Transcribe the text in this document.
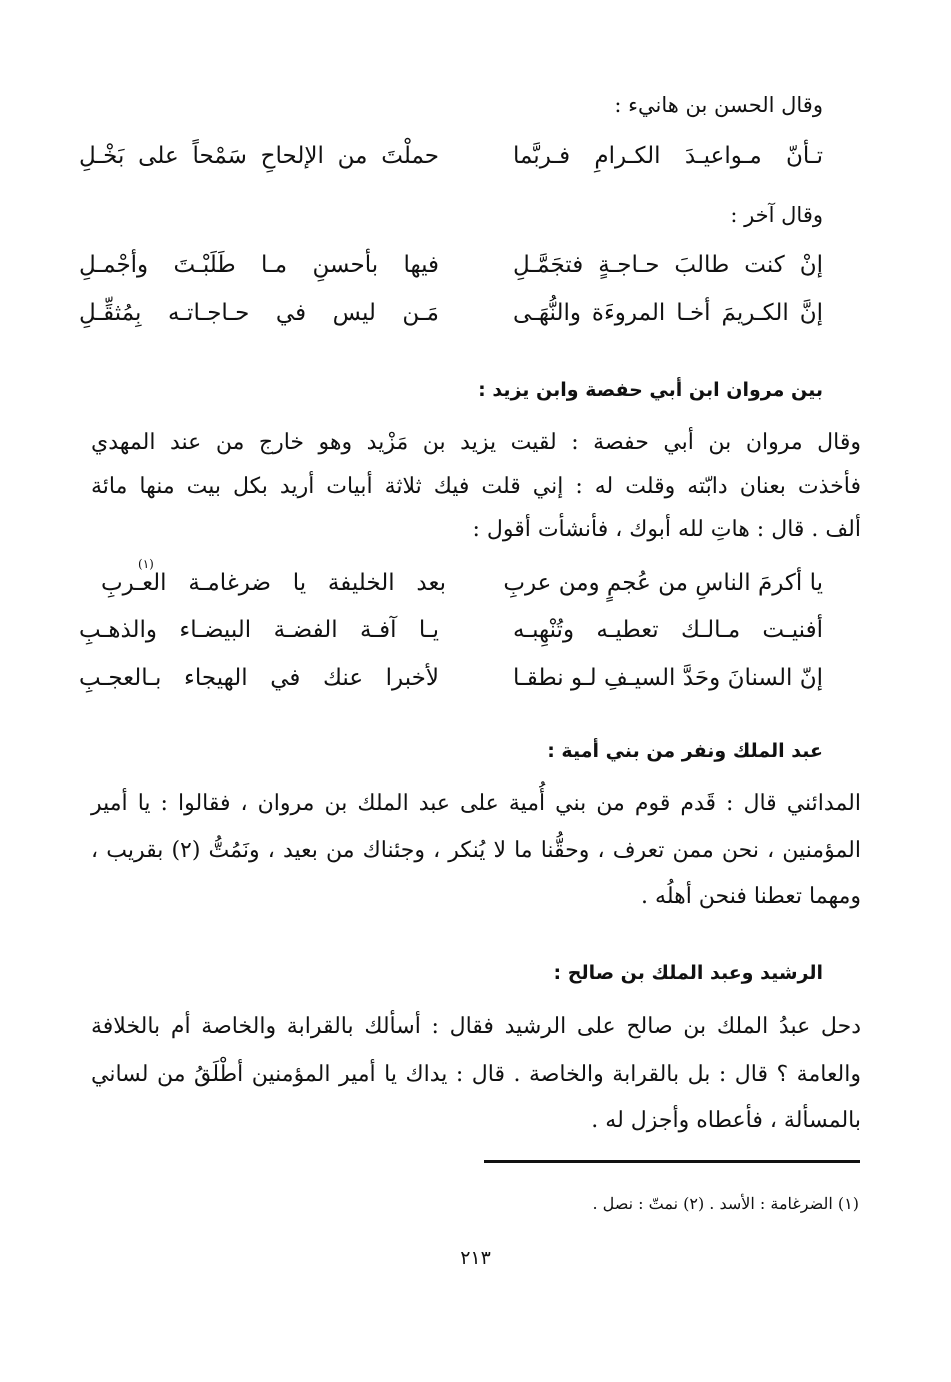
وقال الحسن بن هانيء :
تـأنّ مـواعيـدَ الكـرامِ فـربَّما
حملْتَ من الإلحاحِ سَمْحاً على بَخْـلِ
وقال آخر :
إنْ كنت طالبَ حـاجـةٍ فتجَمَّـلِ
فيها بأحسنِ مـا طَلَبْـتَ وأجْمـلِ
إنَّ الكـريمَ أخـا المروءَة والنُّهَـى
مَـن ليس في حـاجـاتـه بِمُثقِّـلِ
بين مروان ابن أبي حفصة وابن يزيد :
وقال مروان بن أبي حفصة : لقيت يزيد بن مَزْيد وهو خارج من عند المهدي
فأخذت بعنان دابّته وقلت له : إني قلت فيك ثلاثة أبيات أريد بكل بيت منها مائة
ألف . قال : هاتِ لله أبوك ، فأنشأت أقول :
يا أكرمَ الناسِ من عُجمٍ ومن عربِ
بعد الخليفة يا ضرغامـة العـربِ
(١)
أفنيـت مـالـك تعطيـه وتُنْهِبـه
يـا آفـة الفضـة البيضـاء والذهـبِ
إنّ السنانَ وحَدَّ السيـفِ لـو نطقـا
لأخبرا عنك في الهيجاء بـالعجـبِ
عبد الملك ونفر من بني أمية :
المدائني قال : قَدم قوم من بني أُمية على عبد الملك بن مروان ، فقالوا : يا أمير
المؤمنين ، نحن ممن تعرف ، وحقُّنا ما لا يُنكر ، وجئناك من بعيد ، ونَمُتُّ (٢) بقريب ،
ومهما تعطنا فنحن أهلُه .
الرشيد وعبد الملك بن صالح :
دحل عبدُ الملك بن صالح على الرشيد فقال : أسألك بالقرابة والخاصة أم بالخلافة
والعامة ؟ قال : بل بالقرابة والخاصة . قال : يداك يا أمير المؤمنين أطْلَقُ من لساني
بالمسألة ، فأعطاه وأجزل له .
(١) الضرغامة : الأسد . (٢) نمتّ : نصل .
٢١٣
